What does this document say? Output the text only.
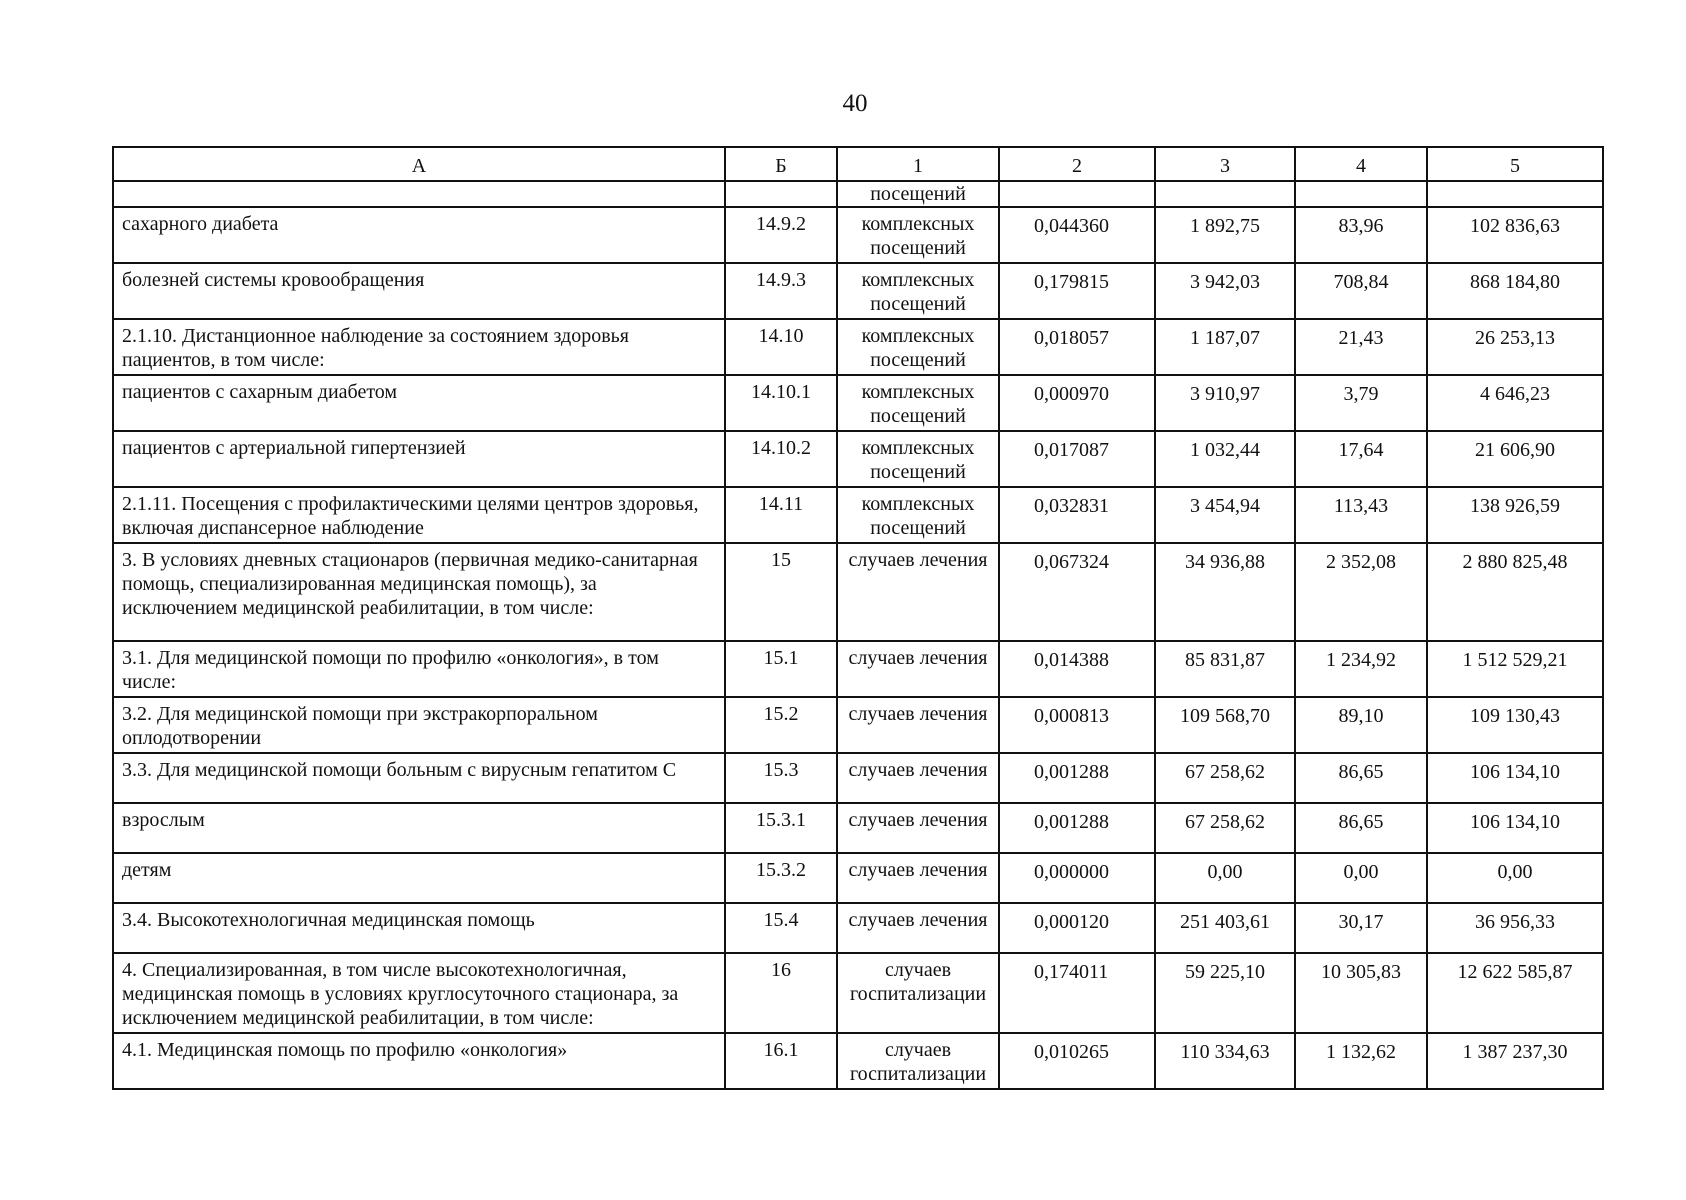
40
А	Б	1	2	3	4	5
		посещений				
сахарного диабета	14.9.2	комплексных посещений	0,044360	1 892,75	83,96	102 836,63
болезней системы кровообращения	14.9.3	комплексных посещений	0,179815	3 942,03	708,84	868 184,80
2.1.10. Дистанционное наблюдение за состоянием здоровья пациентов, в том числе:	14.10	комплексных посещений	0,018057	1 187,07	21,43	26 253,13
пациентов с сахарным диабетом	14.10.1	комплексных посещений	0,000970	3 910,97	3,79	4 646,23
пациентов с артериальной гипертензией	14.10.2	комплексных посещений	0,017087	1 032,44	17,64	21 606,90
2.1.11. Посещения с профилактическими целями центров здоровья, включая диспансерное наблюдение	14.11	комплексных посещений	0,032831	3 454,94	113,43	138 926,59
3. В условиях дневных стационаров (первичная медико-санитарная помощь, специализированная медицинская помощь), за исключением медицинской реабилитации, в том числе:	15	случаев лечения	0,067324	34 936,88	2 352,08	2 880 825,48
3.1. Для медицинской помощи по профилю «онкология», в том числе:	15.1	случаев лечения	0,014388	85 831,87	1 234,92	1 512 529,21
3.2. Для медицинской помощи при экстракорпоральном оплодотворении	15.2	случаев лечения	0,000813	109 568,70	89,10	109 130,43
3.3. Для медицинской помощи больным с вирусным гепатитом С	15.3	случаев лечения	0,001288	67 258,62	86,65	106 134,10
взрослым	15.3.1	случаев лечения	0,001288	67 258,62	86,65	106 134,10
детям	15.3.2	случаев лечения	0,000000	0,00	0,00	0,00
3.4. Высокотехнологичная медицинская помощь	15.4	случаев лечения	0,000120	251 403,61	30,17	36 956,33
4. Специализированная, в том числе высокотехнологичная, медицинская помощь в условиях круглосуточного стационара, за исключением медицинской реабилитации, в том числе:	16	случаев госпитализации	0,174011	59 225,10	10 305,83	12 622 585,87
4.1. Медицинская помощь по профилю «онкология»	16.1	случаев госпитализации	0,010265	110 334,63	1 132,62	1 387 237,30
